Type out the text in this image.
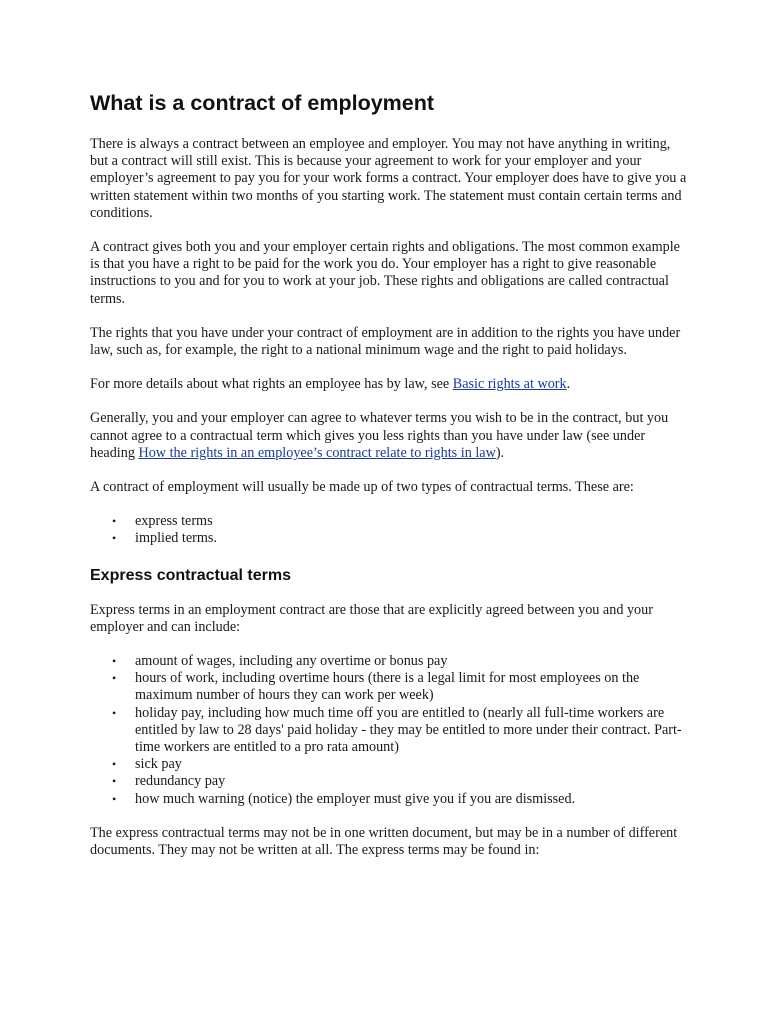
What is a contract of employment

There is always a contract between an employee and employer. You may not have anything in writing, but a contract will still exist. This is because your agreement to work for your employer and your employer’s agreement to pay you for your work forms a contract. Your employer does have to give you a written statement within two months of you starting work. The statement must contain certain terms and conditions.

A contract gives both you and your employer certain rights and obligations. The most common example is that you have a right to be paid for the work you do. Your employer has a right to give reasonable instructions to you and for you to work at your job. These rights and obligations are called contractual terms.

The rights that you have under your contract of employment are in addition to the rights you have under law, such as, for example, the right to a national minimum wage and the right to paid holidays.

For more details about what rights an employee has by law, see Basic rights at work.

Generally, you and your employer can agree to whatever terms you wish to be in the contract, but you cannot agree to a contractual term which gives you less rights than you have under law (see under heading How the rights in an employee’s contract relate to rights in law).

A contract of employment will usually be made up of two types of contractual terms. These are:

• express terms
• implied terms.
Express contractual terms

Express terms in an employment contract are those that are explicitly agreed between you and your employer and can include:

• amount of wages, including any overtime or bonus pay
• hours of work, including overtime hours (there is a legal limit for most employees on the maximum number of hours they can work per week)
• holiday pay, including how much time off you are entitled to (nearly all full-time workers are entitled by law to 28 days' paid holiday - they may be entitled to more under their contract. Part-time workers are entitled to a pro rata amount)
• sick pay
• redundancy pay
• how much warning (notice) the employer must give you if you are dismissed.

The express contractual terms may not be in one written document, but may be in a number of different documents. They may not be written at all. The express terms may be found in:
